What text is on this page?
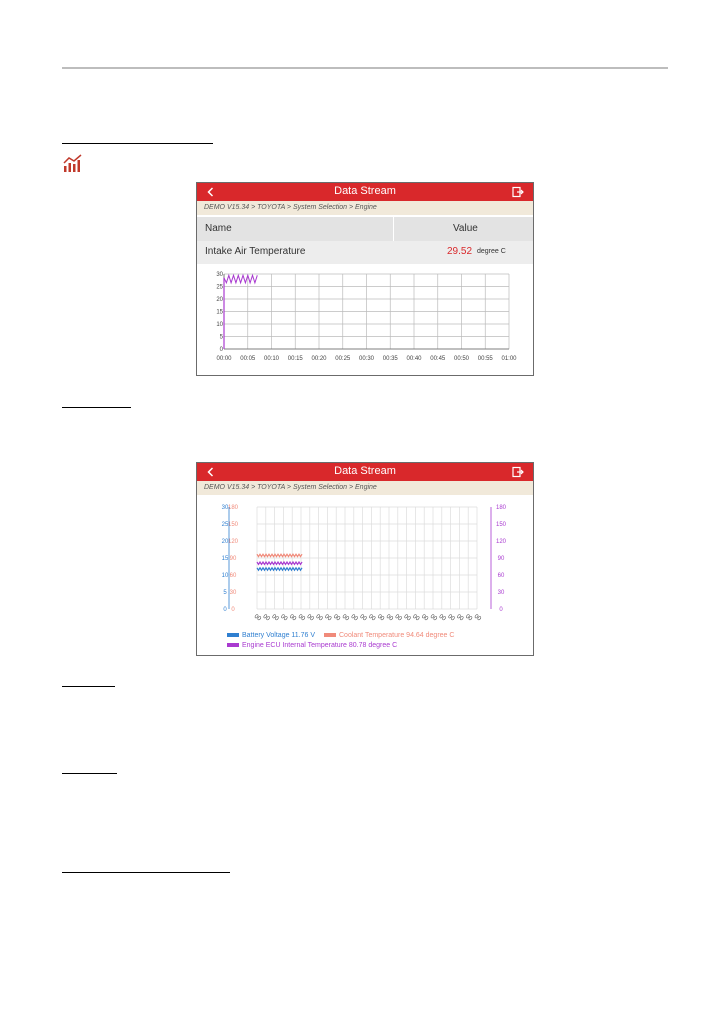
Data Stream
DEMO V15.34 > TOYOTA > System Selection > Engine
Name	Value
Intake Air Temperature	29.52 degree C
00:00 00:05 00:10 00:15 00:20 00:25 00:30 00:35 00:40 00:45 00:50 00:55 01:00
0
5
10
15
20
25
30
Data Stream
DEMO V15.34 > TOYOTA > System Selection > Engine
0 0	0
5 30	30
10 60	60
15 90	90
20 120	120
25 150	150
30 180	180
00 00 00 00 00 00 00 00 00 00 00 00 00 00 00 00 00 00 00 00 00 00 00 00 00 00
Battery Voltage 11.76 V	Coolant Temperature 94.64 degree C
Engine ECU Internal Temperature 80.78 degree C
